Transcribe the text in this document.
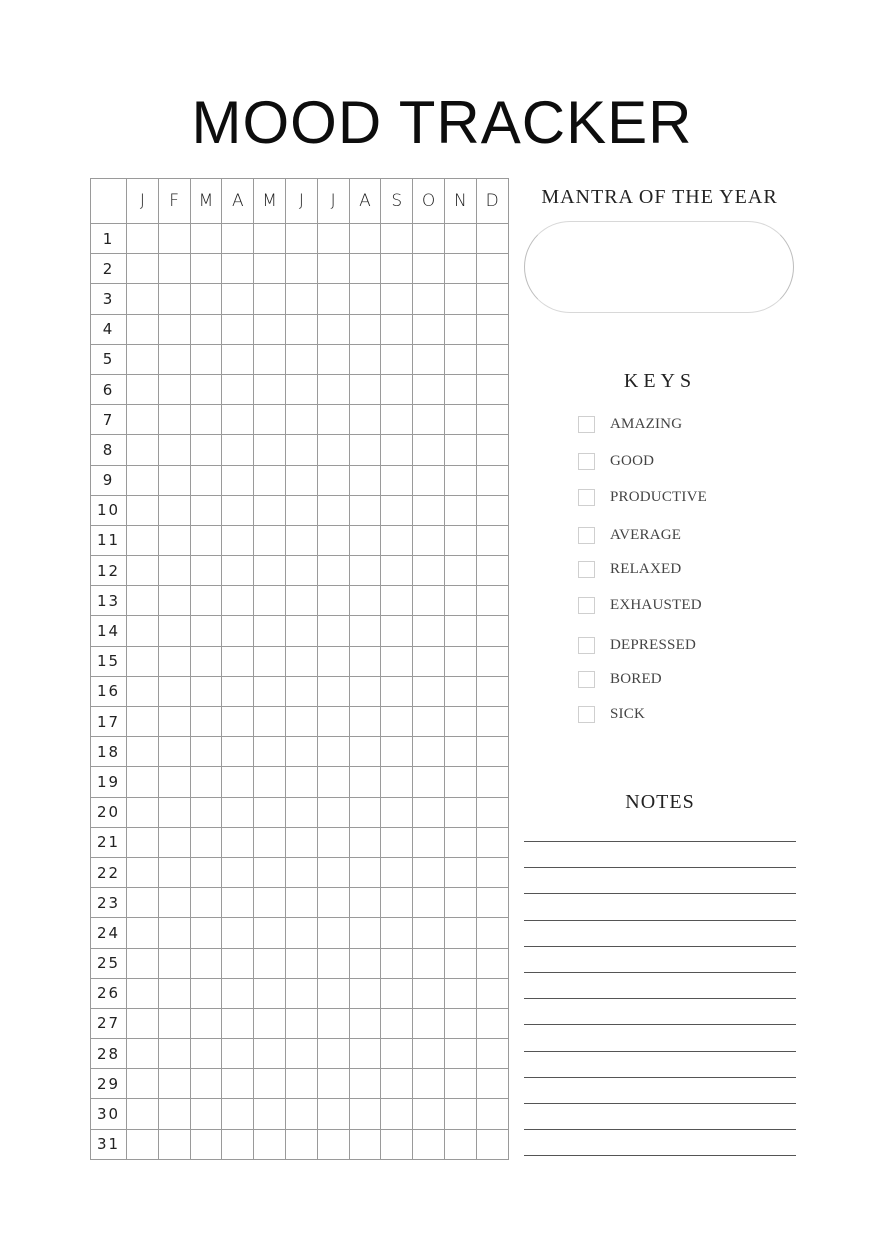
MOOD TRACKER
	J	F	M	A	M	J	J	A	S	O	N	D
1												
2												
3												
4												
5												
6												
7												
8												
9												
10												
11												
12												
13												
14												
15												
16												
17												
18												
19												
20												
21												
22												
23												
24												
25												
26												
27												
28												
29												
30												
31												
MANTRA OF THE YEAR
KEYS
AMAZING
GOOD
PRODUCTIVE
AVERAGE
RELAXED
EXHAUSTED
DEPRESSED
BORED
SICK
NOTES
